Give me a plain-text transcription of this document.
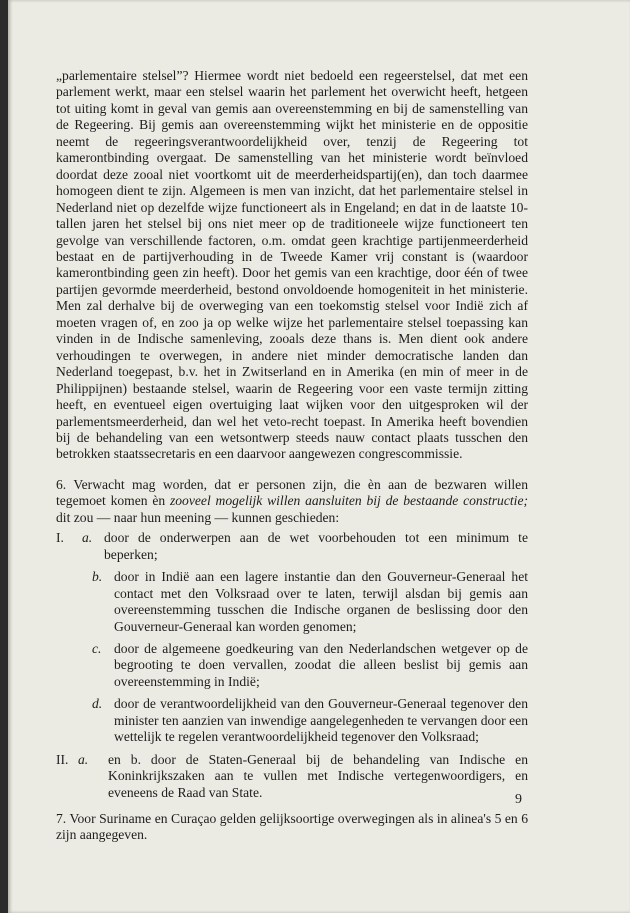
„parlementaire stelsel”? Hiermee wordt niet bedoeld een regeerstelsel, dat met een parlement werkt, maar een stelsel waarin het parlement het overwicht heeft, hetgeen tot uiting komt in geval van gemis aan overeenstemming en bij de samenstelling van de Regeering. Bij gemis aan overeenstemming wijkt het ministerie en de oppositie neemt de regeeringsverantwoordelijkheid over, tenzij de Regeering tot kamerontbinding overgaat. De samenstelling van het ministerie wordt beïnvloed doordat deze zooal niet voortkomt uit de meerderheidspartij(en), dan toch daarmee homogeen dient te zijn. Algemeen is men van inzicht, dat het parlementaire stelsel in Nederland niet op dezelfde wijze functioneert als in Engeland; en dat in de laatste 10-tallen jaren het stelsel bij ons niet meer op de traditioneele wijze functioneert ten gevolge van verschillende factoren, o.m. omdat geen krachtige partijenmeerderheid bestaat en de partijverhouding in de Tweede Kamer vrij constant is (waardoor kamerontbinding geen zin heeft). Door het gemis van een krachtige, door één of twee partijen gevormde meerderheid, bestond onvoldoende homogeniteit in het ministerie. Men zal derhalve bij de overweging van een toekomstig stelsel voor Indië zich af moeten vragen of, en zoo ja op welke wijze het parlementaire stelsel toepassing kan vinden in de Indische samenleving, zooals deze thans is. Men dient ook andere verhoudingen te overwegen, in andere niet minder democratische landen dan Nederland toegepast, b.v. het in Zwitserland en in Amerika (en min of meer in de Philippijnen) bestaande stelsel, waarin de Regeering voor een vaste termijn zitting heeft, en eventueel eigen overtuiging laat wijken voor den uitgesproken wil der parlementsmeerderheid, dan wel het veto-recht toepast. In Amerika heeft bovendien bij de behandeling van een wetsontwerp steeds nauw contact plaats tusschen den betrokken staatssecretaris en een daarvoor aangewezen congrescommissie.

6. Verwacht mag worden, dat er personen zijn, die èn aan de bezwaren willen tegemoet komen èn zooveel mogelijk willen aansluiten bij de bestaande constructie; dit zou — naar hun meening — kunnen geschieden:

I.	a. door de onderwerpen aan de wet voorbehouden tot een minimum te beperken;
b. door in Indië aan een lagere instantie dan den Gouverneur-Generaal het contact met den Volksraad over te laten, terwijl alsdan bij gemis aan overeenstemming tusschen die Indische organen de beslissing door den Gouverneur-Generaal kan worden genomen;
c. door de algemeene goedkeuring van den Nederlandschen wetgever op de begrooting te doen vervallen, zoodat die alleen beslist bij gemis aan overeenstemming in Indië;
d. door de verantwoordelijkheid van den Gouverneur-Generaal tegenover den minister ten aanzien van inwendige aangelegenheden te vervangen door een wettelijk te regelen verantwoordelijkheid tegenover den Volksraad;
II. a.	en b. door de Staten-Generaal bij de behandeling van Indische en Koninkrijkszaken aan te vullen met Indische vertegenwoordigers, en eveneens de Raad van State.

7. Voor Suriname en Curaçao gelden gelijksoortige overwegingen als in alinea's 5 en 6 zijn aangegeven.

9
